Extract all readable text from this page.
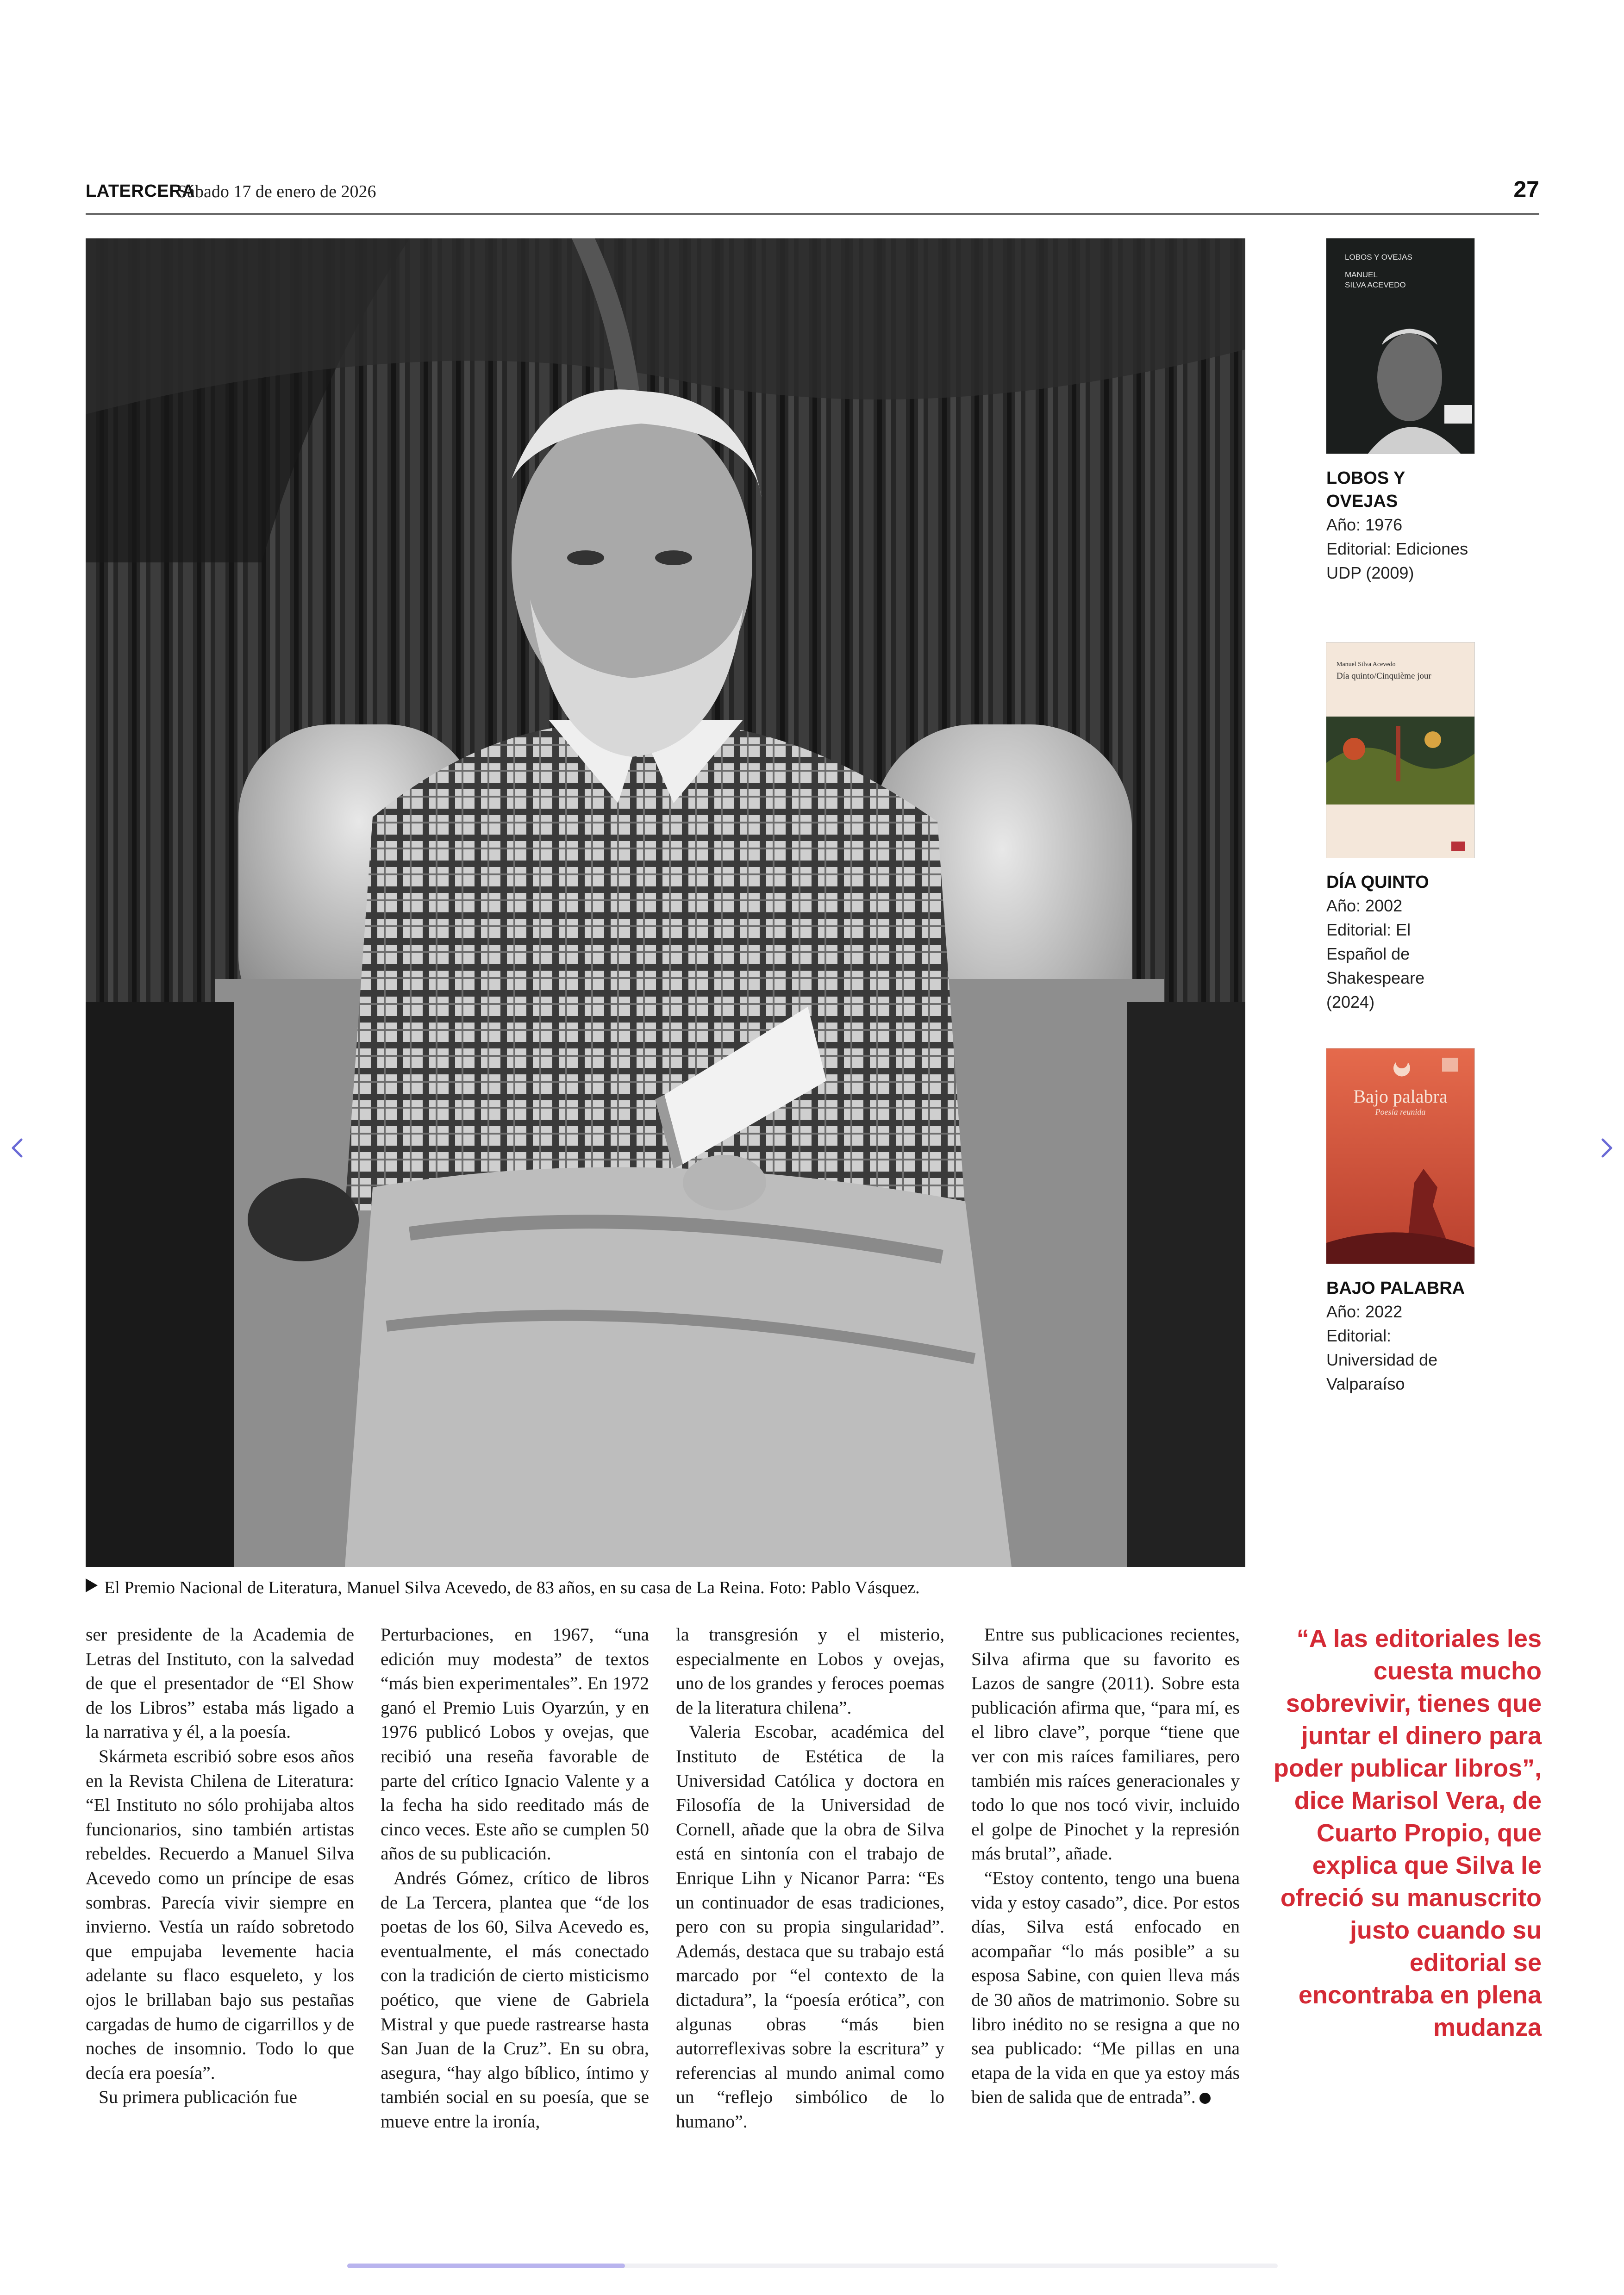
LATERCERA
Sábado 17 de enero de 2026	27
El Premio Nacional de Literatura, Manuel Silva Acevedo, de 83 años, en su casa de La Reina. Foto: Pablo Vásquez.
LOBOS Y OVEJAS
MANUEL
SILVA ACEVEDO
LOBOS Y OVEJAS
Año: 1976
Editorial: Ediciones UDP (2009)
Manuel Silva Acevedo
Día quinto/Cinquième jour
DÍA QUINTO
Año: 2002
Editorial: El Español de Shakespeare (2024)
Bajo palabra
Poesía reunida
BAJO PALABRA
Año: 2022
Editorial: Universidad de Valparaíso

ser presidente de la Academia de Letras del Instituto, con la salvedad de que el presentador de “El Show de los Libros” estaba más ligado a la narrativa y él, a la poesía.

Skármeta escribió sobre esos años en la Revista Chilena de Literatura: “El Instituto no sólo prohijaba altos funcionarios, sino también artistas rebeldes. Recuerdo a Manuel Silva Acevedo como un príncipe de esas sombras. Parecía vivir siempre en invierno. Vestía un raído sobretodo que empujaba levemente hacia adelante su flaco esqueleto, y los ojos le brillaban bajo sus pestañas cargadas de humo de cigarrillos y de noches de insomnio. Todo lo que decía era poesía”.

Su primera publicación fue

Perturbaciones, en 1967, “una edición muy modesta” de textos “más bien experimentales”. En 1972 ganó el Premio Luis Oyarzún, y en 1976 publicó Lobos y ovejas, que recibió una reseña favorable de parte del crítico Ignacio Valente y a la fecha ha sido reeditado más de cinco veces. Este año se cumplen 50 años de su publicación.

Andrés Gómez, crítico de libros de La Tercera, plantea que “de los poetas de los 60, Silva Acevedo es, eventualmente, el más conectado con la tradición de cierto misticismo poético, que viene de Gabriela Mistral y que puede rastrearse hasta San Juan de la Cruz”. En su obra, asegura, “hay algo bíblico, íntimo y también social en su poesía, que se mueve entre la ironía,

la transgresión y el misterio, especialmente en Lobos y ovejas, uno de los grandes y feroces poemas de la literatura chilena”.

Valeria Escobar, académica del Instituto de Estética de la Universidad Católica y doctora en Filosofía de la Universidad de Cornell, añade que la obra de Silva está en sintonía con el trabajo de Enrique Lihn y Nicanor Parra: “Es un continuador de esas tradiciones, pero con su propia singularidad”. Además, destaca que su trabajo está marcado por “el contexto de la dictadura”, la “poesía erótica”, con algunas obras “más bien autorreflexivas sobre la escritura” y referencias al mundo animal como un “reflejo simbólico de lo humano”.

Entre sus publicaciones recientes, Silva afirma que su favorito es Lazos de sangre (2011). Sobre esta publicación afirma que, “para mí, es el libro clave”, porque “tiene que ver con mis raíces familiares, pero también mis raíces generacionales y todo lo que nos tocó vivir, incluido el golpe de Pinochet y la represión más brutal”, añade.

“Estoy contento, tengo una buena vida y estoy casado”, dice. Por estos días, Silva está enfocado en acompañar “lo más posible” a su esposa Sabine, con quien lleva más de 30 años de matrimonio. Sobre su libro inédito no se resigna a que no sea publicado: “Me pillas en una etapa de la vida en que ya estoy más bien de salida que de entrada”.

“A las editoriales les cuesta mucho sobrevivir, tienes que juntar el dinero para poder publicar libros”, dice Marisol Vera, de Cuarto Propio, que explica que Silva le ofreció su manuscrito justo cuando su editorial se encontraba en plena mudanza
